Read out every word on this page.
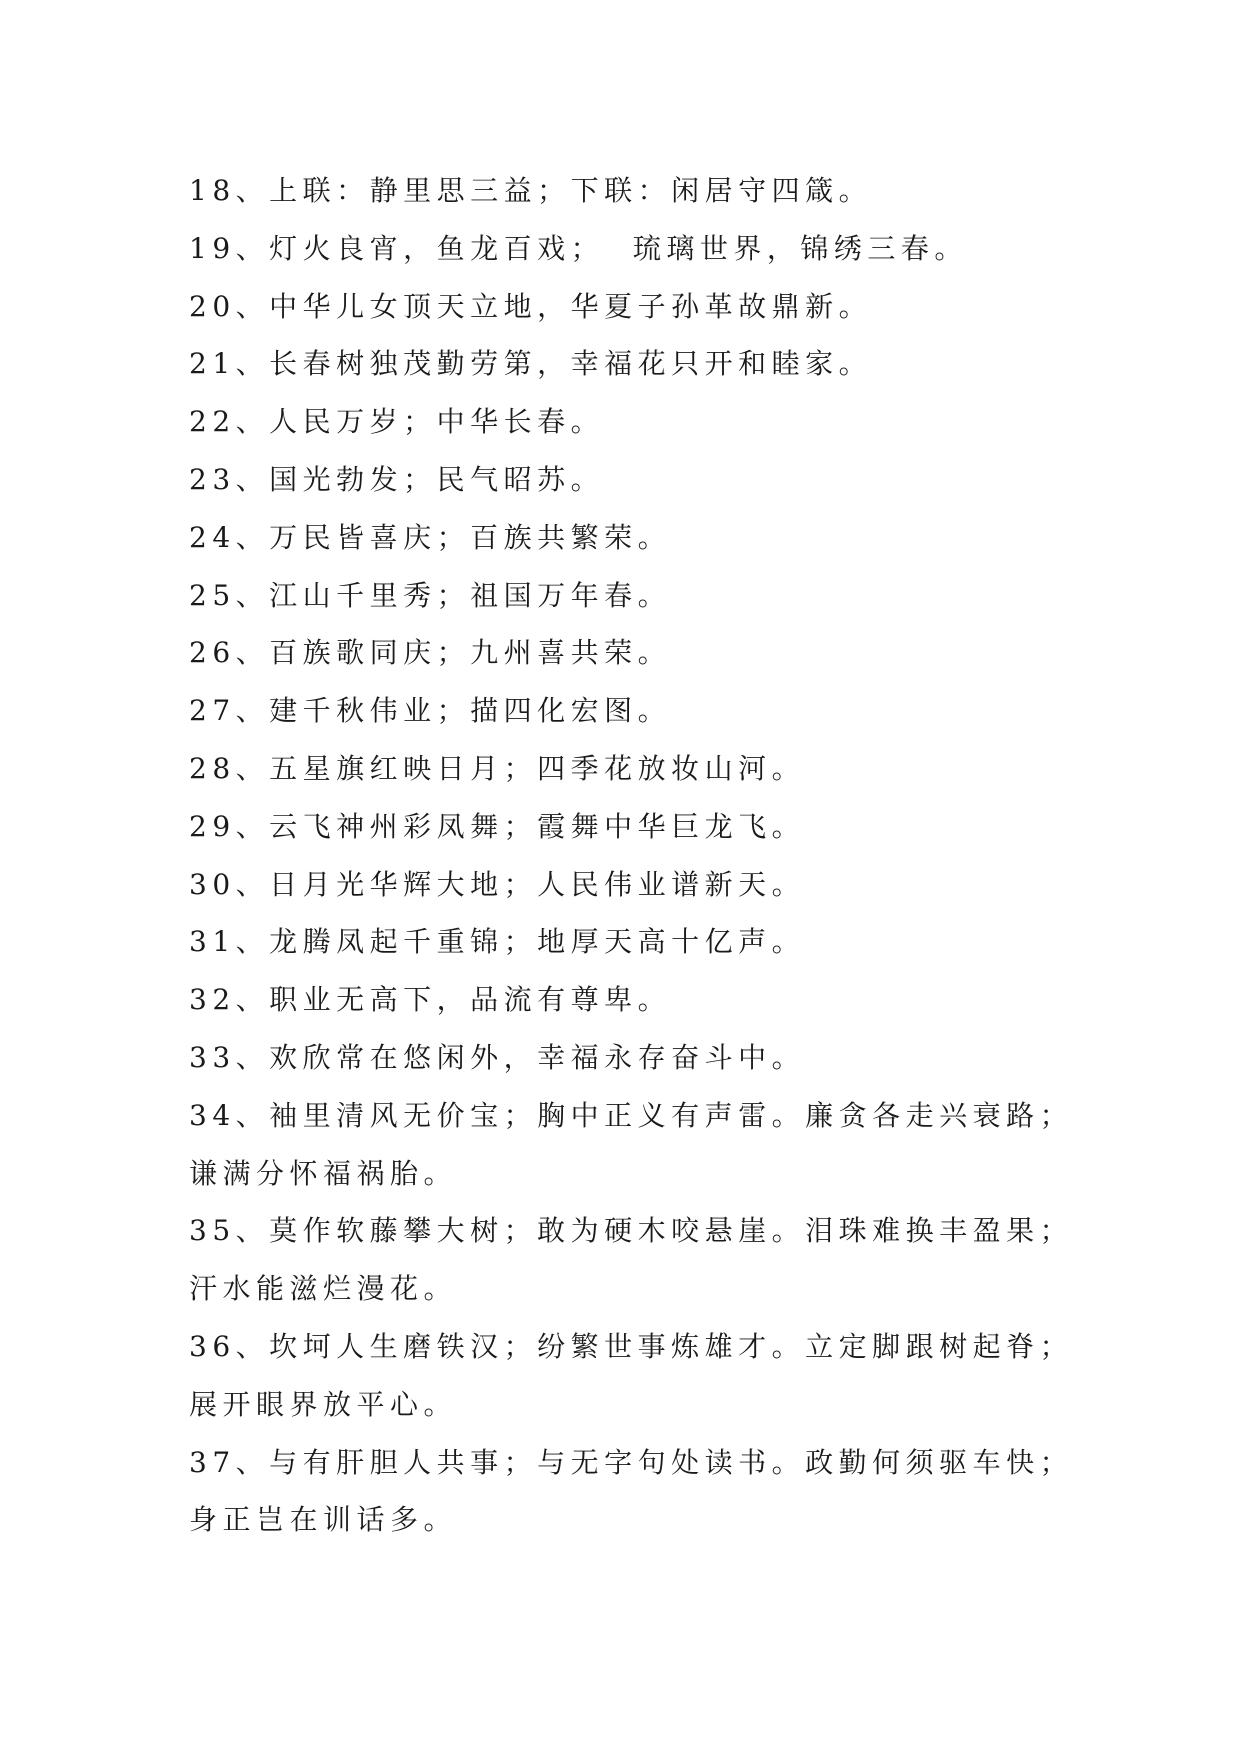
18、上联：静里思三益；下联：闲居守四箴。
19、灯火良宵，鱼龙百戏；  琉璃世界，锦绣三春。
20、中华儿女顶天立地，华夏子孙革故鼎新。
21、长春树独茂勤劳第，幸福花只开和睦家。
22、人民万岁；中华长春。
23、国光勃发；民气昭苏。
24、万民皆喜庆；百族共繁荣。
25、江山千里秀；祖国万年春。
26、百族歌同庆；九州喜共荣。
27、建千秋伟业；描四化宏图。
28、五星旗红映日月；四季花放妆山河。
29、云飞神州彩凤舞；霞舞中华巨龙飞。
30、日月光华辉大地；人民伟业谱新天。
31、龙腾凤起千重锦；地厚天高十亿声。
32、职业无高下，品流有尊卑。
33、欢欣常在悠闲外，幸福永存奋斗中。
34、袖里清风无价宝；胸中正义有声雷。廉贪各走兴衰路；
谦满分怀福祸胎。
35、莫作软藤攀大树；敢为硬木咬悬崖。泪珠难换丰盈果；
汗水能滋烂漫花。
36、坎坷人生磨铁汉；纷繁世事炼雄才。立定脚跟树起脊；
展开眼界放平心。
37、与有肝胆人共事；与无字句处读书。政勤何须驱车快；
身正岂在训话多。
